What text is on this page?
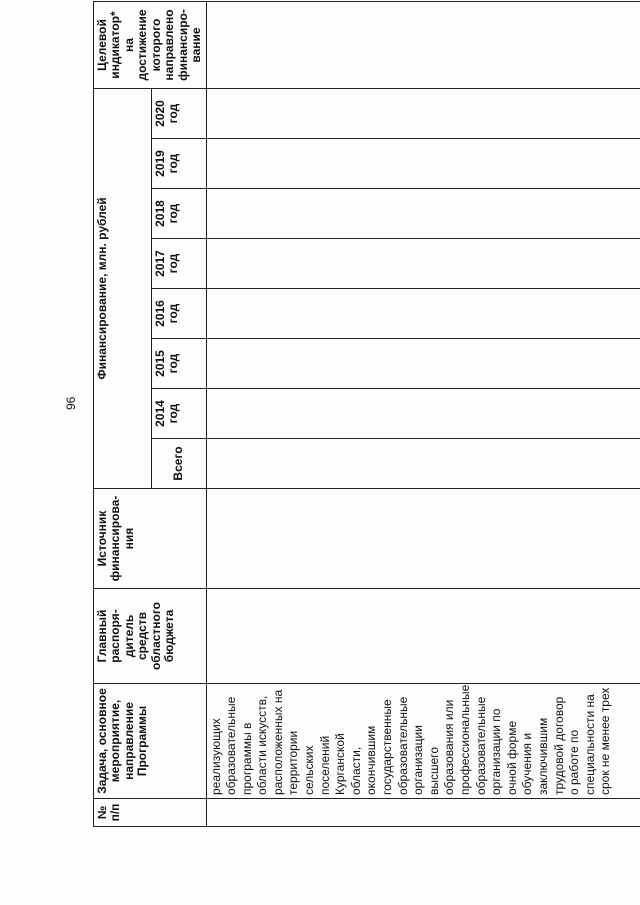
96
№ п/п	Задача, основное мероприятие, направление Программы	Главный распоря- дитель средств областного бюджета	Источник финансирова- ния	Финансирование, млн. рублей								Целевой индикатор* на достижение которого направлено финансиро- вание
				Всего	2014 год	2015 год	2016 год	2017 год	2018 год	2019 год	2020 год	
	реализующих образовательные программы в области искусств, расположенных на территории сельских поселений Курганской области, окончившим государственные образовательные организации высшего образования или профессиональные образовательные организации по очной форме обучения и заключившим трудовой договор о работе по специальности на срок не менее трех											
